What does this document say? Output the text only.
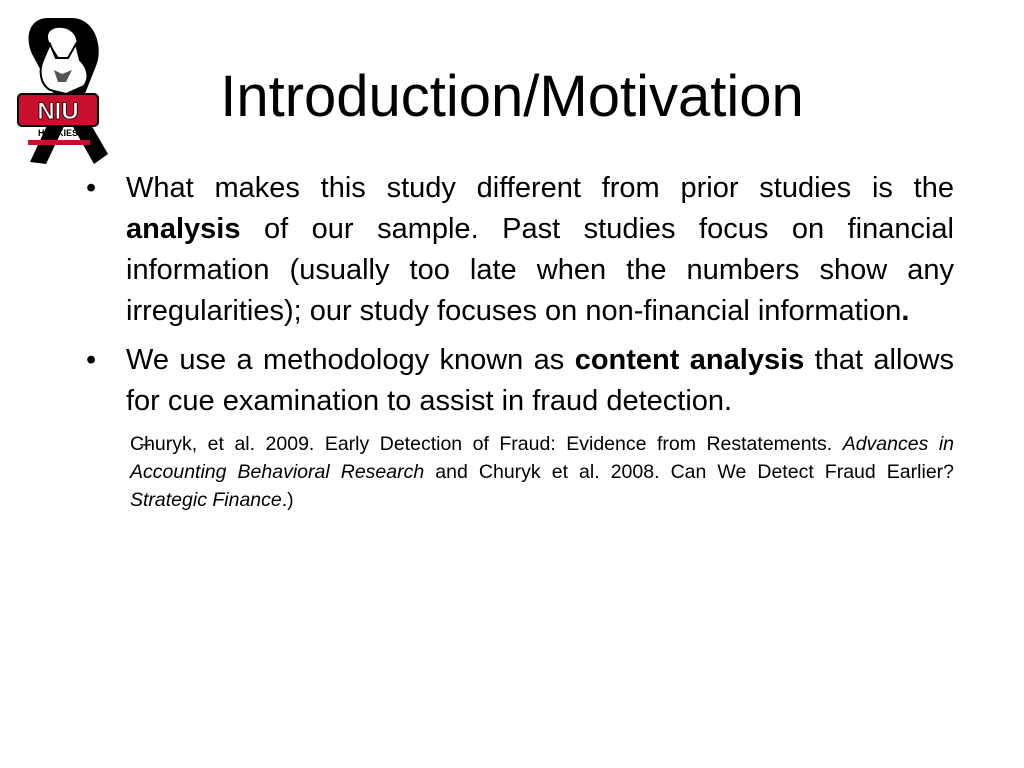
NIU
HUSKIES
Introduction/Motivation
• What makes this study different from prior studies is the analysis of our sample. Past studies focus on financial information (usually too late when the numbers show any irregularities); our study focuses on non-financial information.
• We use a methodology known as content analysis that allows for cue examination to assist in fraud detection.
– Churyk, et al. 2009. Early Detection of Fraud: Evidence from Restatements. Advances in Accounting Behavioral Research and Churyk et al. 2008. Can We Detect Fraud Earlier? Strategic Finance.)
